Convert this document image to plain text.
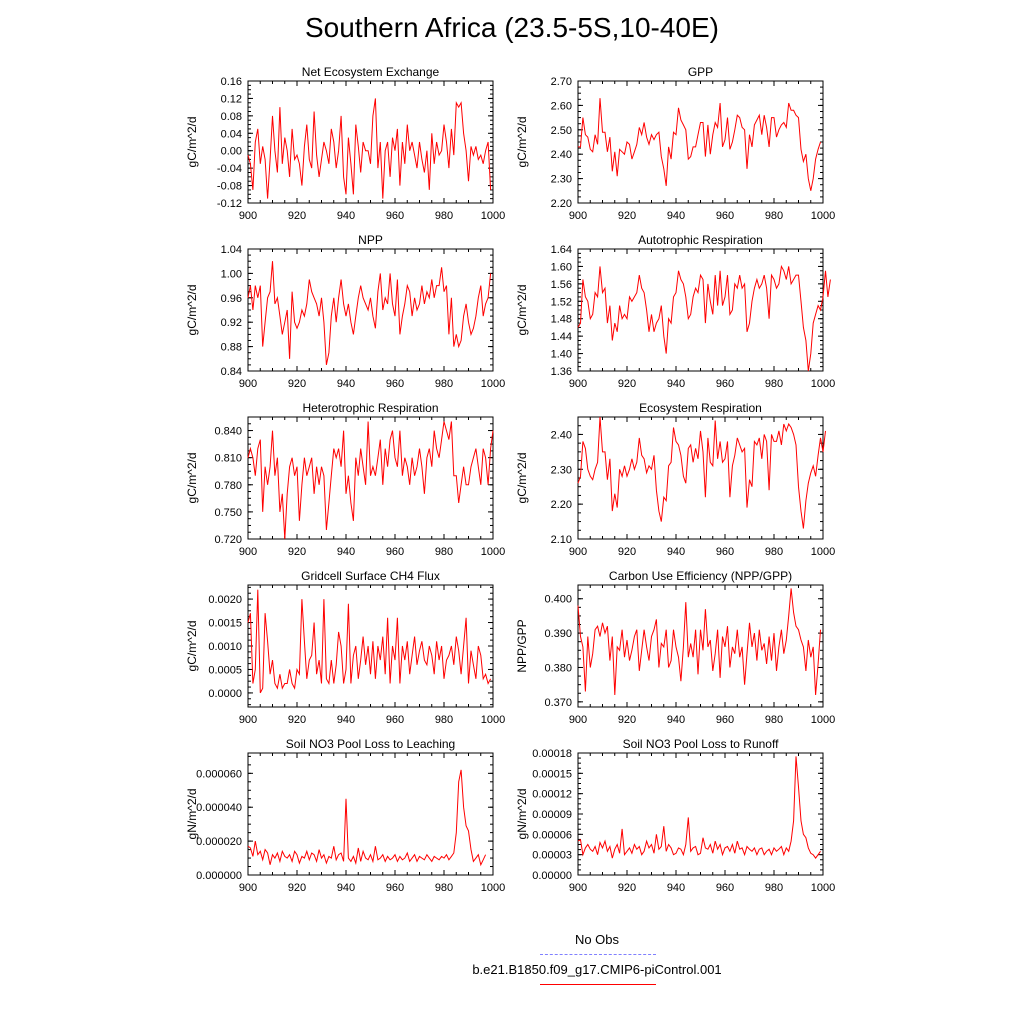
Southern Africa (23.5-5S,10-40E)
Net Ecosystem Exchange
900	920	940	960	980	1000
-0.12
-0.08
-0.04
0.00
0.04
0.08
0.12
0.16
gC/m^2/d
GPP
900	920	940	960	980	1000
2.20
2.30
2.40
2.50
2.60
2.70
gC/m^2/d
NPP
900	920	940	960	980	1000
0.84
0.88
0.92
0.96
1.00
1.04
gC/m^2/d
Autotrophic Respiration
900	920	940	960	980	1000
1.36
1.40
1.44
1.48
1.52
1.56
1.60
1.64
gC/m^2/d
Heterotrophic Respiration
900	920	940	960	980	1000
0.720
0.750
0.780
0.810
0.840
gC/m^2/d
Ecosystem Respiration
900	920	940	960	980	1000
2.10
2.20
2.30
2.40
gC/m^2/d
Gridcell Surface CH4 Flux
900	920	940	960	980	1000
0.0000
0.0005
0.0010
0.0015
0.0020
gC/m^2/d
Carbon Use Efficiency (NPP/GPP)
900	920	940	960	980	1000
0.370
0.380
0.390
0.400
NPP/GPP
Soil NO3 Pool Loss to Leaching
900	920	940	960	980	1000
0.000000
0.000020
0.000040
0.000060
gN/m^2/d
Soil NO3 Pool Loss to Runoff
900	920	940	960	980	1000
0.00000
0.00003
0.00006
0.00009
0.00012
0.00015
0.00018
gN/m^2/d
No Obs
b.e21.B1850.f09_g17.CMIP6-piControl.001
